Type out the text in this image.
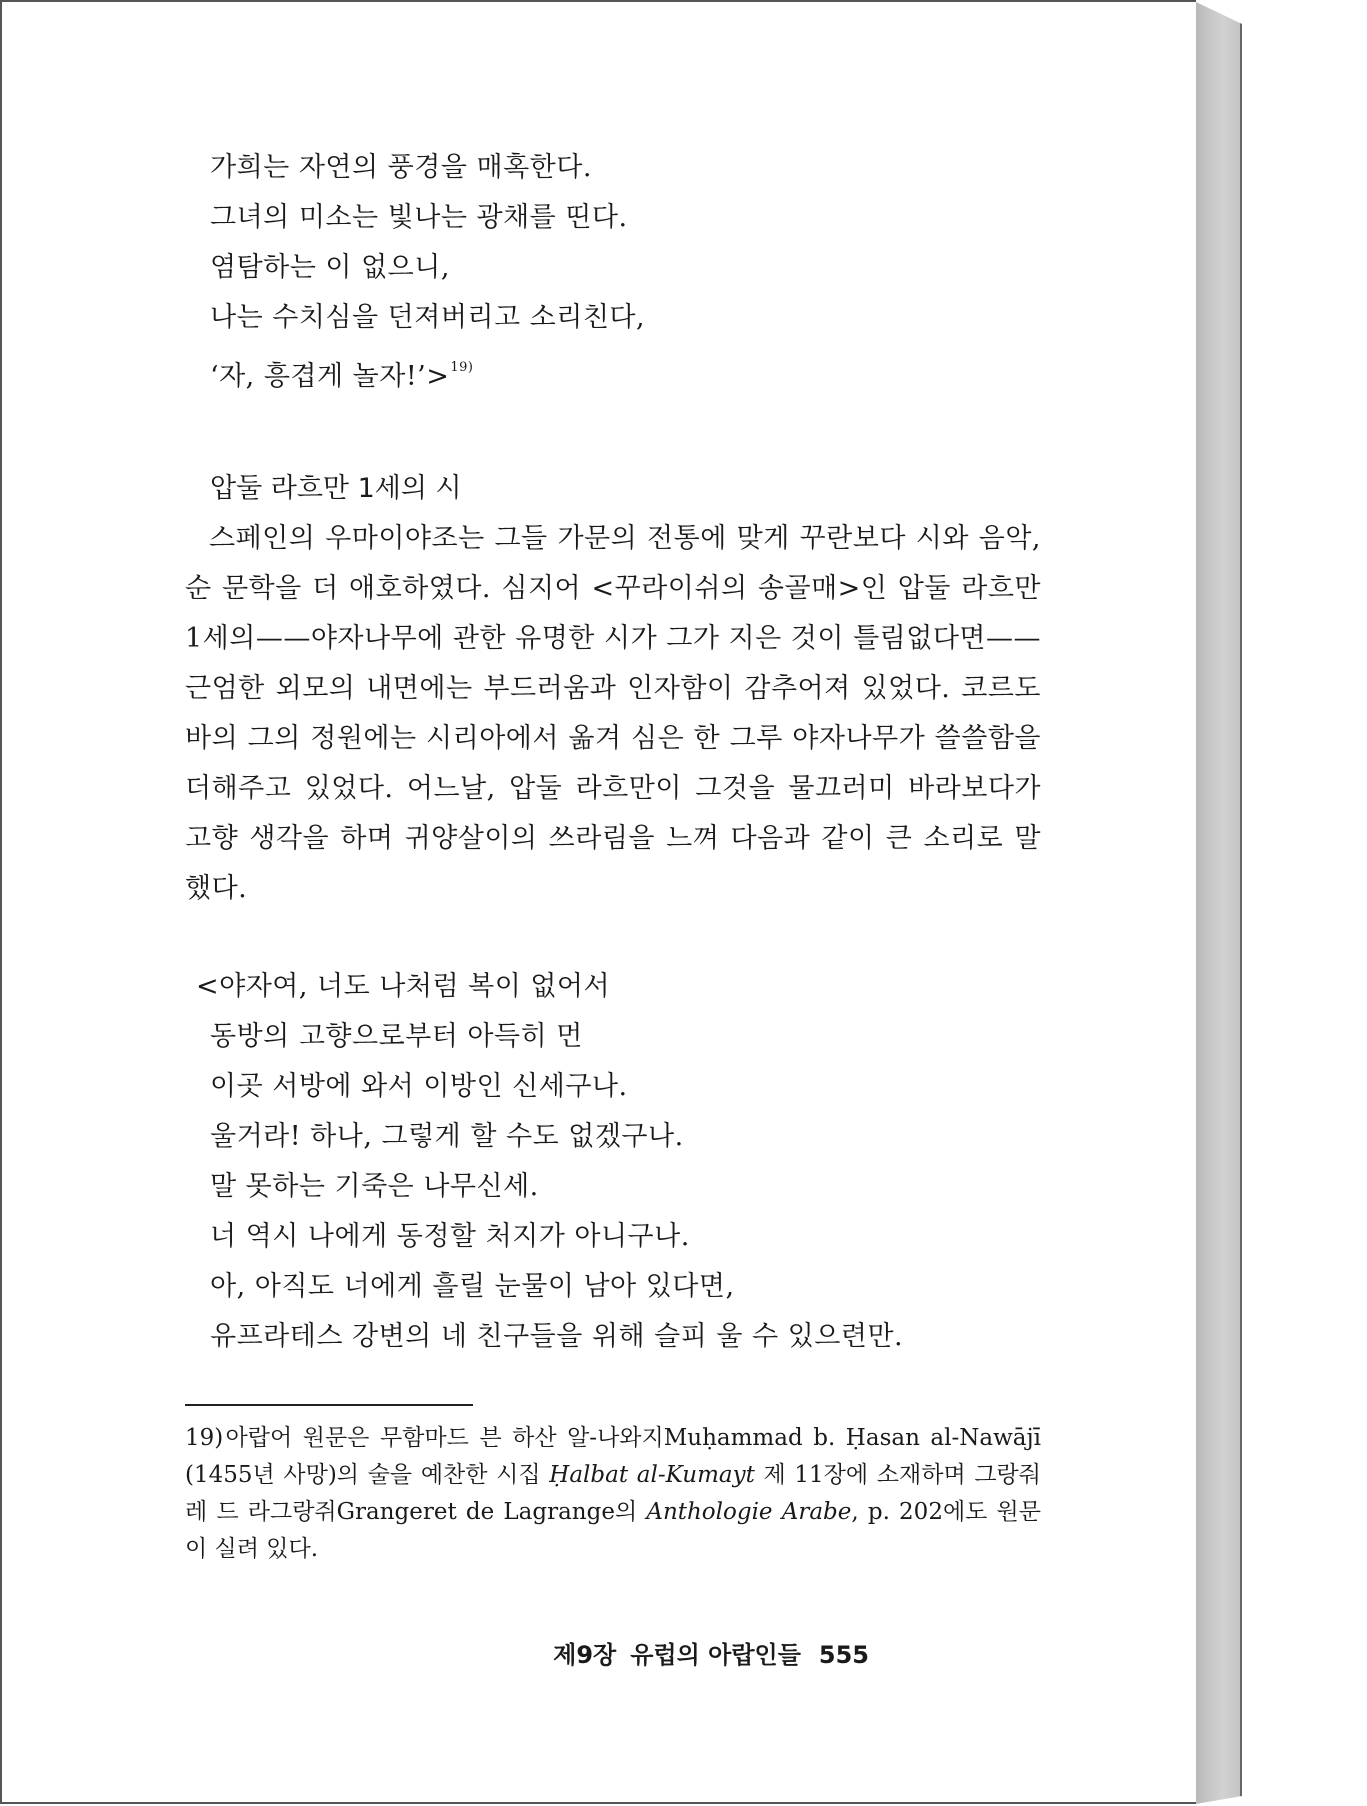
가희는 자연의 풍경을 매혹한다.
그녀의 미소는 빛나는 광채를 띤다.
염탐하는 이 없으니,
나는 수치심을 던져버리고 소리친다,
‘자, 흥겹게 놀자!’>$^{19)}$
압둘 라흐만 1세의 시
스페인의 우마이야조는 그들 가문의 전통에 맞게 꾸란보다 시와 음악, 순 문학을 더 애호하였다. 심지어 <꾸라이쉬의 송골매>인 압둘 라흐만 1세의——야자나무에 관한 유명한 시가 그가 지은 것이 틀림없다면——근엄한 외모의 내면에는 부드러움과 인자함이 감추어져 있었다. 코르도바의 그의 정원에는 시리아에서 옮겨 심은 한 그루 야자나무가 쓸쓸함을 더해주고 있었다. 어느날, 압둘 라흐만이 그것을 물끄러미 바라보다가 고향 생각을 하며 귀양살이의 쓰라림을 느껴 다음과 같이 큰 소리로 말했다.
<야자여, 너도 나처럼 복이 없어서
동방의 고향으로부터 아득히 먼
이곳 서방에 와서 이방인 신세구나.
울거라! 하나, 그렇게 할 수도 없겠구나.
말 못하는 기죽은 나무신세.
너 역시 나에게 동정할 처지가 아니구나.
아, 아직도 너에게 흘릴 눈물이 남아 있다면,
유프라테스 강변의 네 친구들을 위해 슬피 울 수 있으련만.
19) 아랍어 원문은 무함마드 븐 하산 알-나와지Muḥammad b. Ḥasan al-Nawājī (1455년 사망)의 술을 예찬한 시집 Ḥalbat al-Kumayt 제 11장에 소재하며 그랑줘레 드 라그랑쥐Grangeret de Lagrange의 Anthologie Arabe, p. 202에도 원문이 실려 있다.
제9장 유럽의 아랍인들 555
